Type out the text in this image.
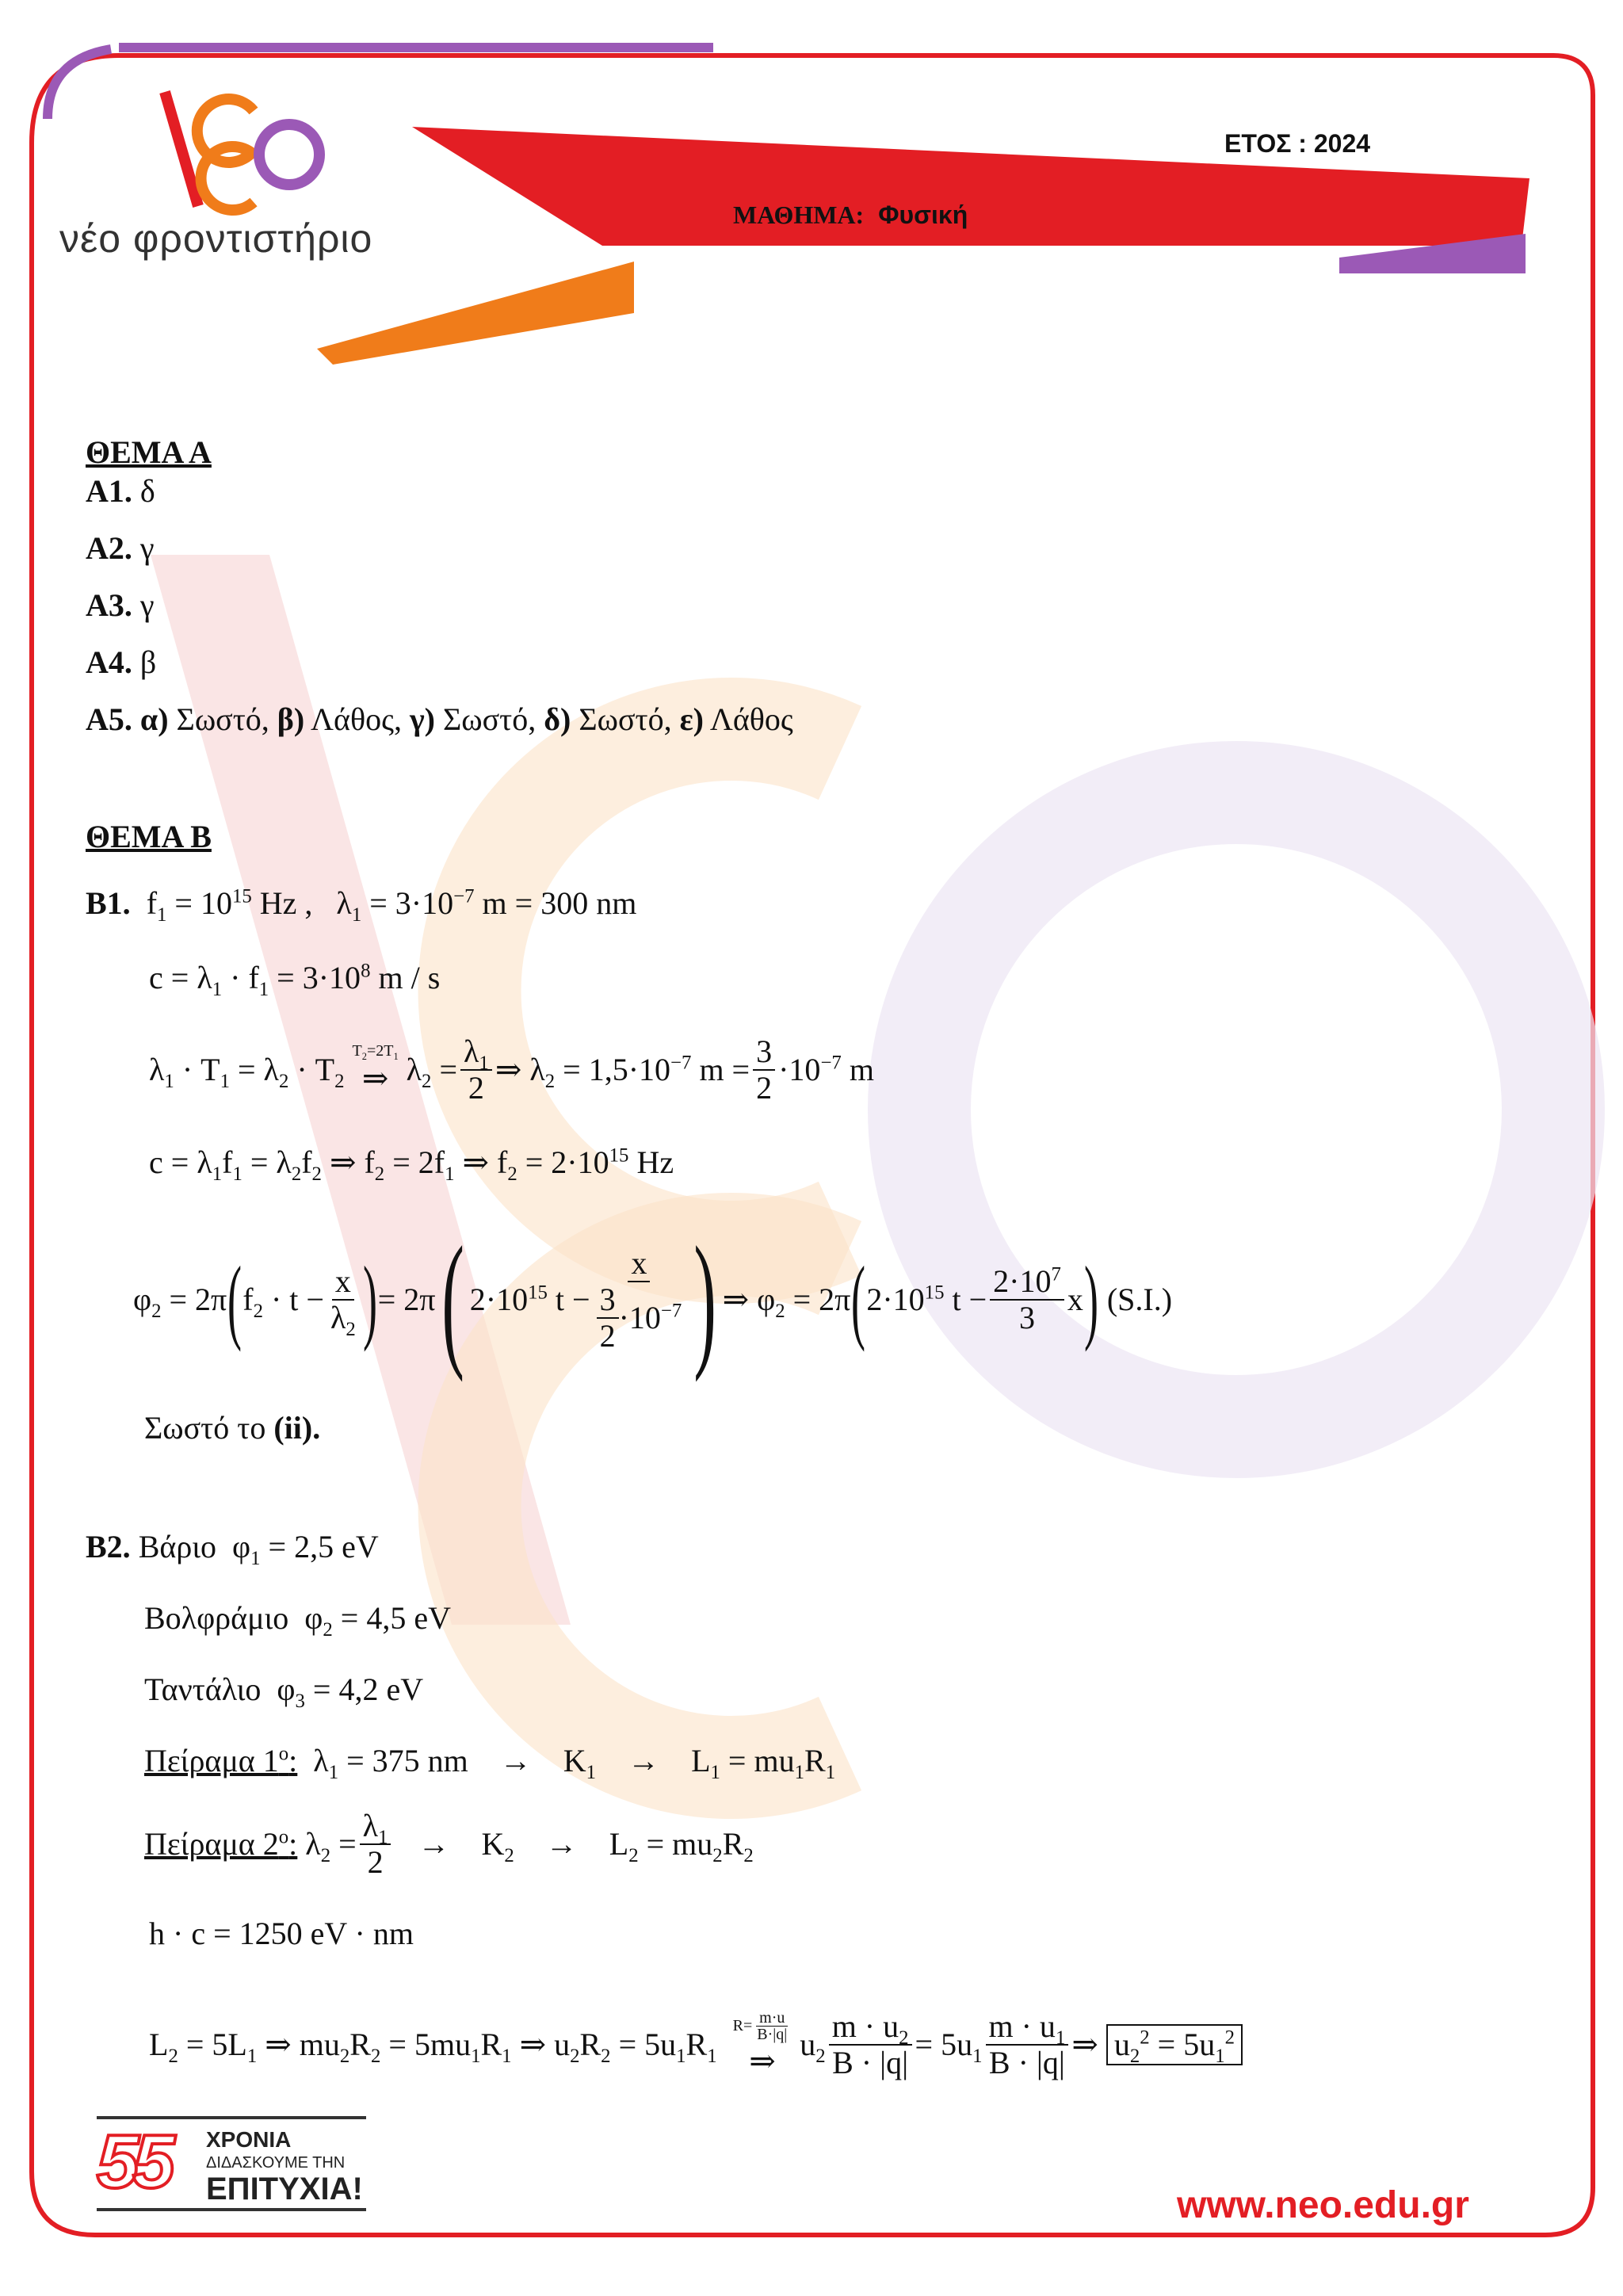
νέο φροντιστήριο
ΕΤΟΣ : 2024
ΜΑΘΗΜΑ: Φυσική
ΘΕΜΑ Α
Α1. δ
Α2. γ
Α3. γ
Α4. β
Α5. α) Σωστό, β) Λάθος, γ) Σωστό, δ) Σωστό, ε) Λάθος
ΘΕΜΑ Β
Β1.  $f_1 = 10^{15}$ Hz ,   $\lambda_1 = 3\cdot 10^{-7}$ m = 300 nm
$c = \lambda_1 \cdot f_1 = 3\cdot 10^8$ m / s
$\lambda_1 \cdot T_1 = \lambda_2 \cdot T_2$
$T_2=2T_1$
⇒ $\lambda_2 = \frac{\lambda_1}{2}$ ⇒ $\lambda_2 = 1,5\cdot 10^{-7}$ $m = \frac{3}{2} \cdot 10^{-7}$ m
$c = \lambda_1f_1 = \lambda_2f_2$ ⇒ $f_2 = 2f_1$ ⇒ $f_2 = 2\cdot 10^{15}$ Hz
$\varphi_2 = 2\pi$ ( $f_2 \cdot t - \frac{x}{\lambda_2}$ ) = 2π ( $2\cdot 10^{15}$ $t - \frac{x}{\frac{3}{2} \cdot 10^{-7}}$ ) ⇒ $\varphi_2 = 2\pi$ ( $2\cdot 10^{15}$ $t - \frac{2\cdot 10^7}{3}$ x ) (S.I.)
Σωστό το (ii).
Β2. Βάριο $\varphi_1 = 2,5$ eV
Βολφράμιο $\varphi_2 = 4,5$ eV
Ταντάλιο $\varphi_3 = 4,2$ eV
Πείραμα $1^o$:  $\lambda_1 = 375$ nm    →    $K_1$    →    $L_1 = mu_1R_1$
Πείραμα $2^o$: $\lambda_2 = \frac{\lambda_1}{2}$ →    $K_2$    →    $L_2 = mu_2R_2$
h · c = 1250 eV · nm
$L_2 = 5L_1$ ⇒ $mu_2R_2 = 5mu_1R_1$ ⇒ $u_2R_2 = 5u_1R_1$
$R= \frac{m\cdot u}{B\cdot|q|}$
⇒ $u_2 \frac{m \cdot u_2}{B \cdot |q|} = 5u_1 \frac{m \cdot u_1}{B \cdot |q|}$ ⇒ $u_2^2 = 5u_1^2$
55 ΧΡΟΝΙΑ
ΔΙΔΑΣΚΟΥΜΕ ΤΗΝ
ΕΠΙΤΥΧΙΑ!	www.neo.edu.gr
